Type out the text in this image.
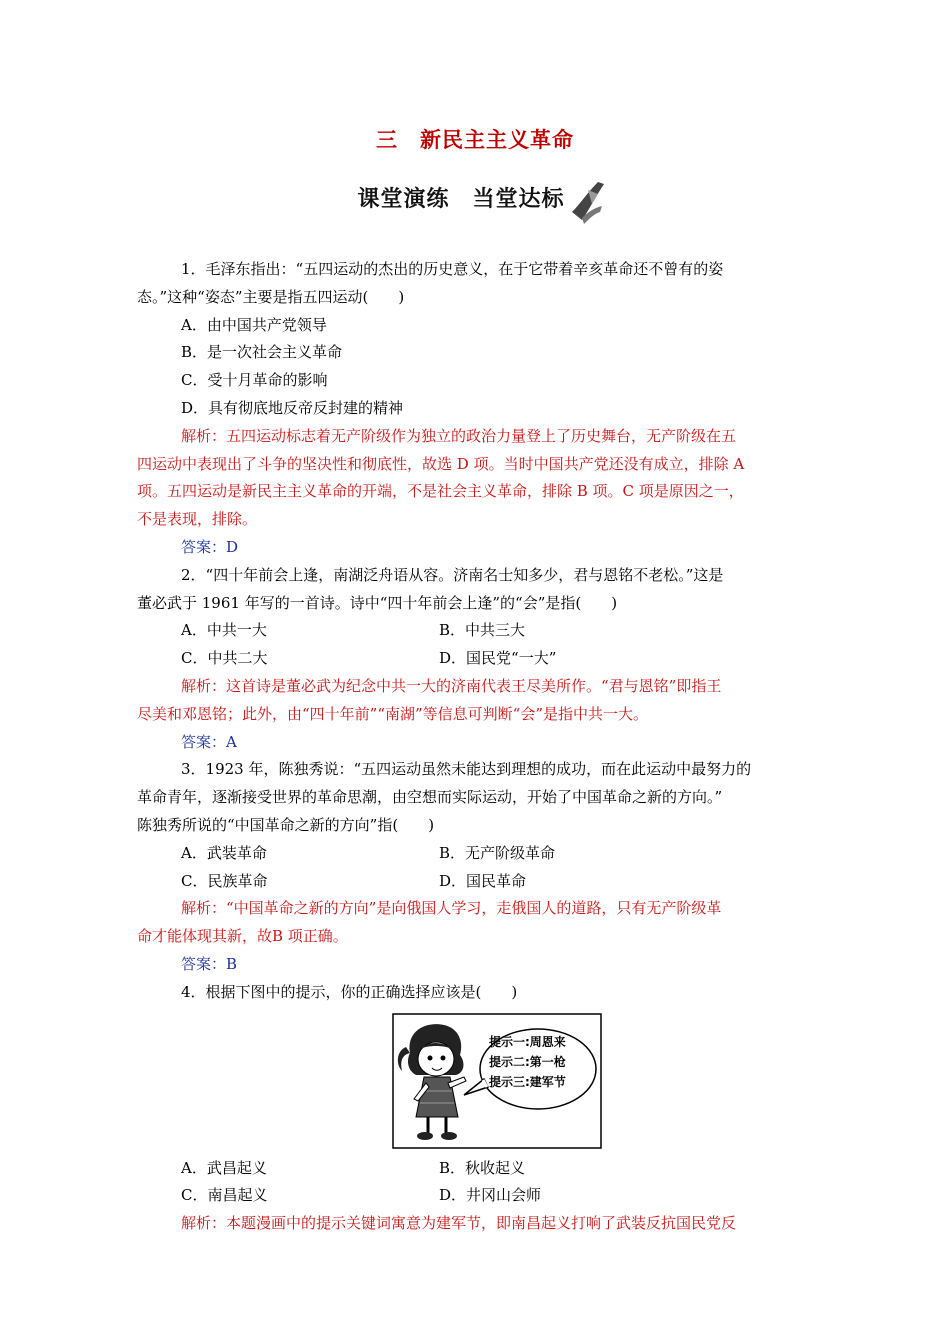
三　新民主主义革命
课堂演练　当堂达标
1．毛泽东指出：“五四运动的杰出的历史意义，在于它带着辛亥革命还不曾有的姿
态。”这种“姿态”主要是指五四运动(　　)
A．由中国共产党领导
B．是一次社会主义革命
C．受十月革命的影响
D．具有彻底地反帝反封建的精神
解析：五四运动标志着无产阶级作为独立的政治力量登上了历史舞台，无产阶级在五
四运动中表现出了斗争的坚决性和彻底性，故选 D 项。当时中国共产党还没有成立，排除 A
项。五四运动是新民主主义革命的开端，不是社会主义革命，排除 B 项。C 项是原因之一，
不是表现，排除。
答案：D
2．“四十年前会上逢，南湖泛舟语从容。济南名士知多少，君与恩铭不老松。”这是
董必武于 1961 年写的一首诗。诗中“四十年前会上逢”的“会”是指(　　)
A．中共一大	B．中共三大
C．中共二大	D．国民党“一大”
解析：这首诗是董必武为纪念中共一大的济南代表王尽美所作。“君与恩铭”即指王
尽美和邓恩铭；此外，由“四十年前”“南湖”等信息可判断“会”是指中共一大。
答案：A
3．1923 年，陈独秀说：“五四运动虽然未能达到理想的成功，而在此运动中最努力的
革命青年，逐渐接受世界的革命思潮，由空想而实际运动，开始了中国革命之新的方向。”
陈独秀所说的“中国革命之新的方向”指(　　)
A．武装革命	B．无产阶级革命
C．民族革命	D．国民革命
解析：“中国革命之新的方向”是向俄国人学习，走俄国人的道路，只有无产阶级革
命才能体现其新，故B 项正确。
答案：B
4．根据下图中的提示，你的正确选择应该是(　　)
提示一:周恩来
提示二:第一枪
提示三:建军节
A．武昌起义	B．秋收起义
C．南昌起义	D．井冈山会师
解析：本题漫画中的提示关键词寓意为建军节，即南昌起义打响了武装反抗国民党反
